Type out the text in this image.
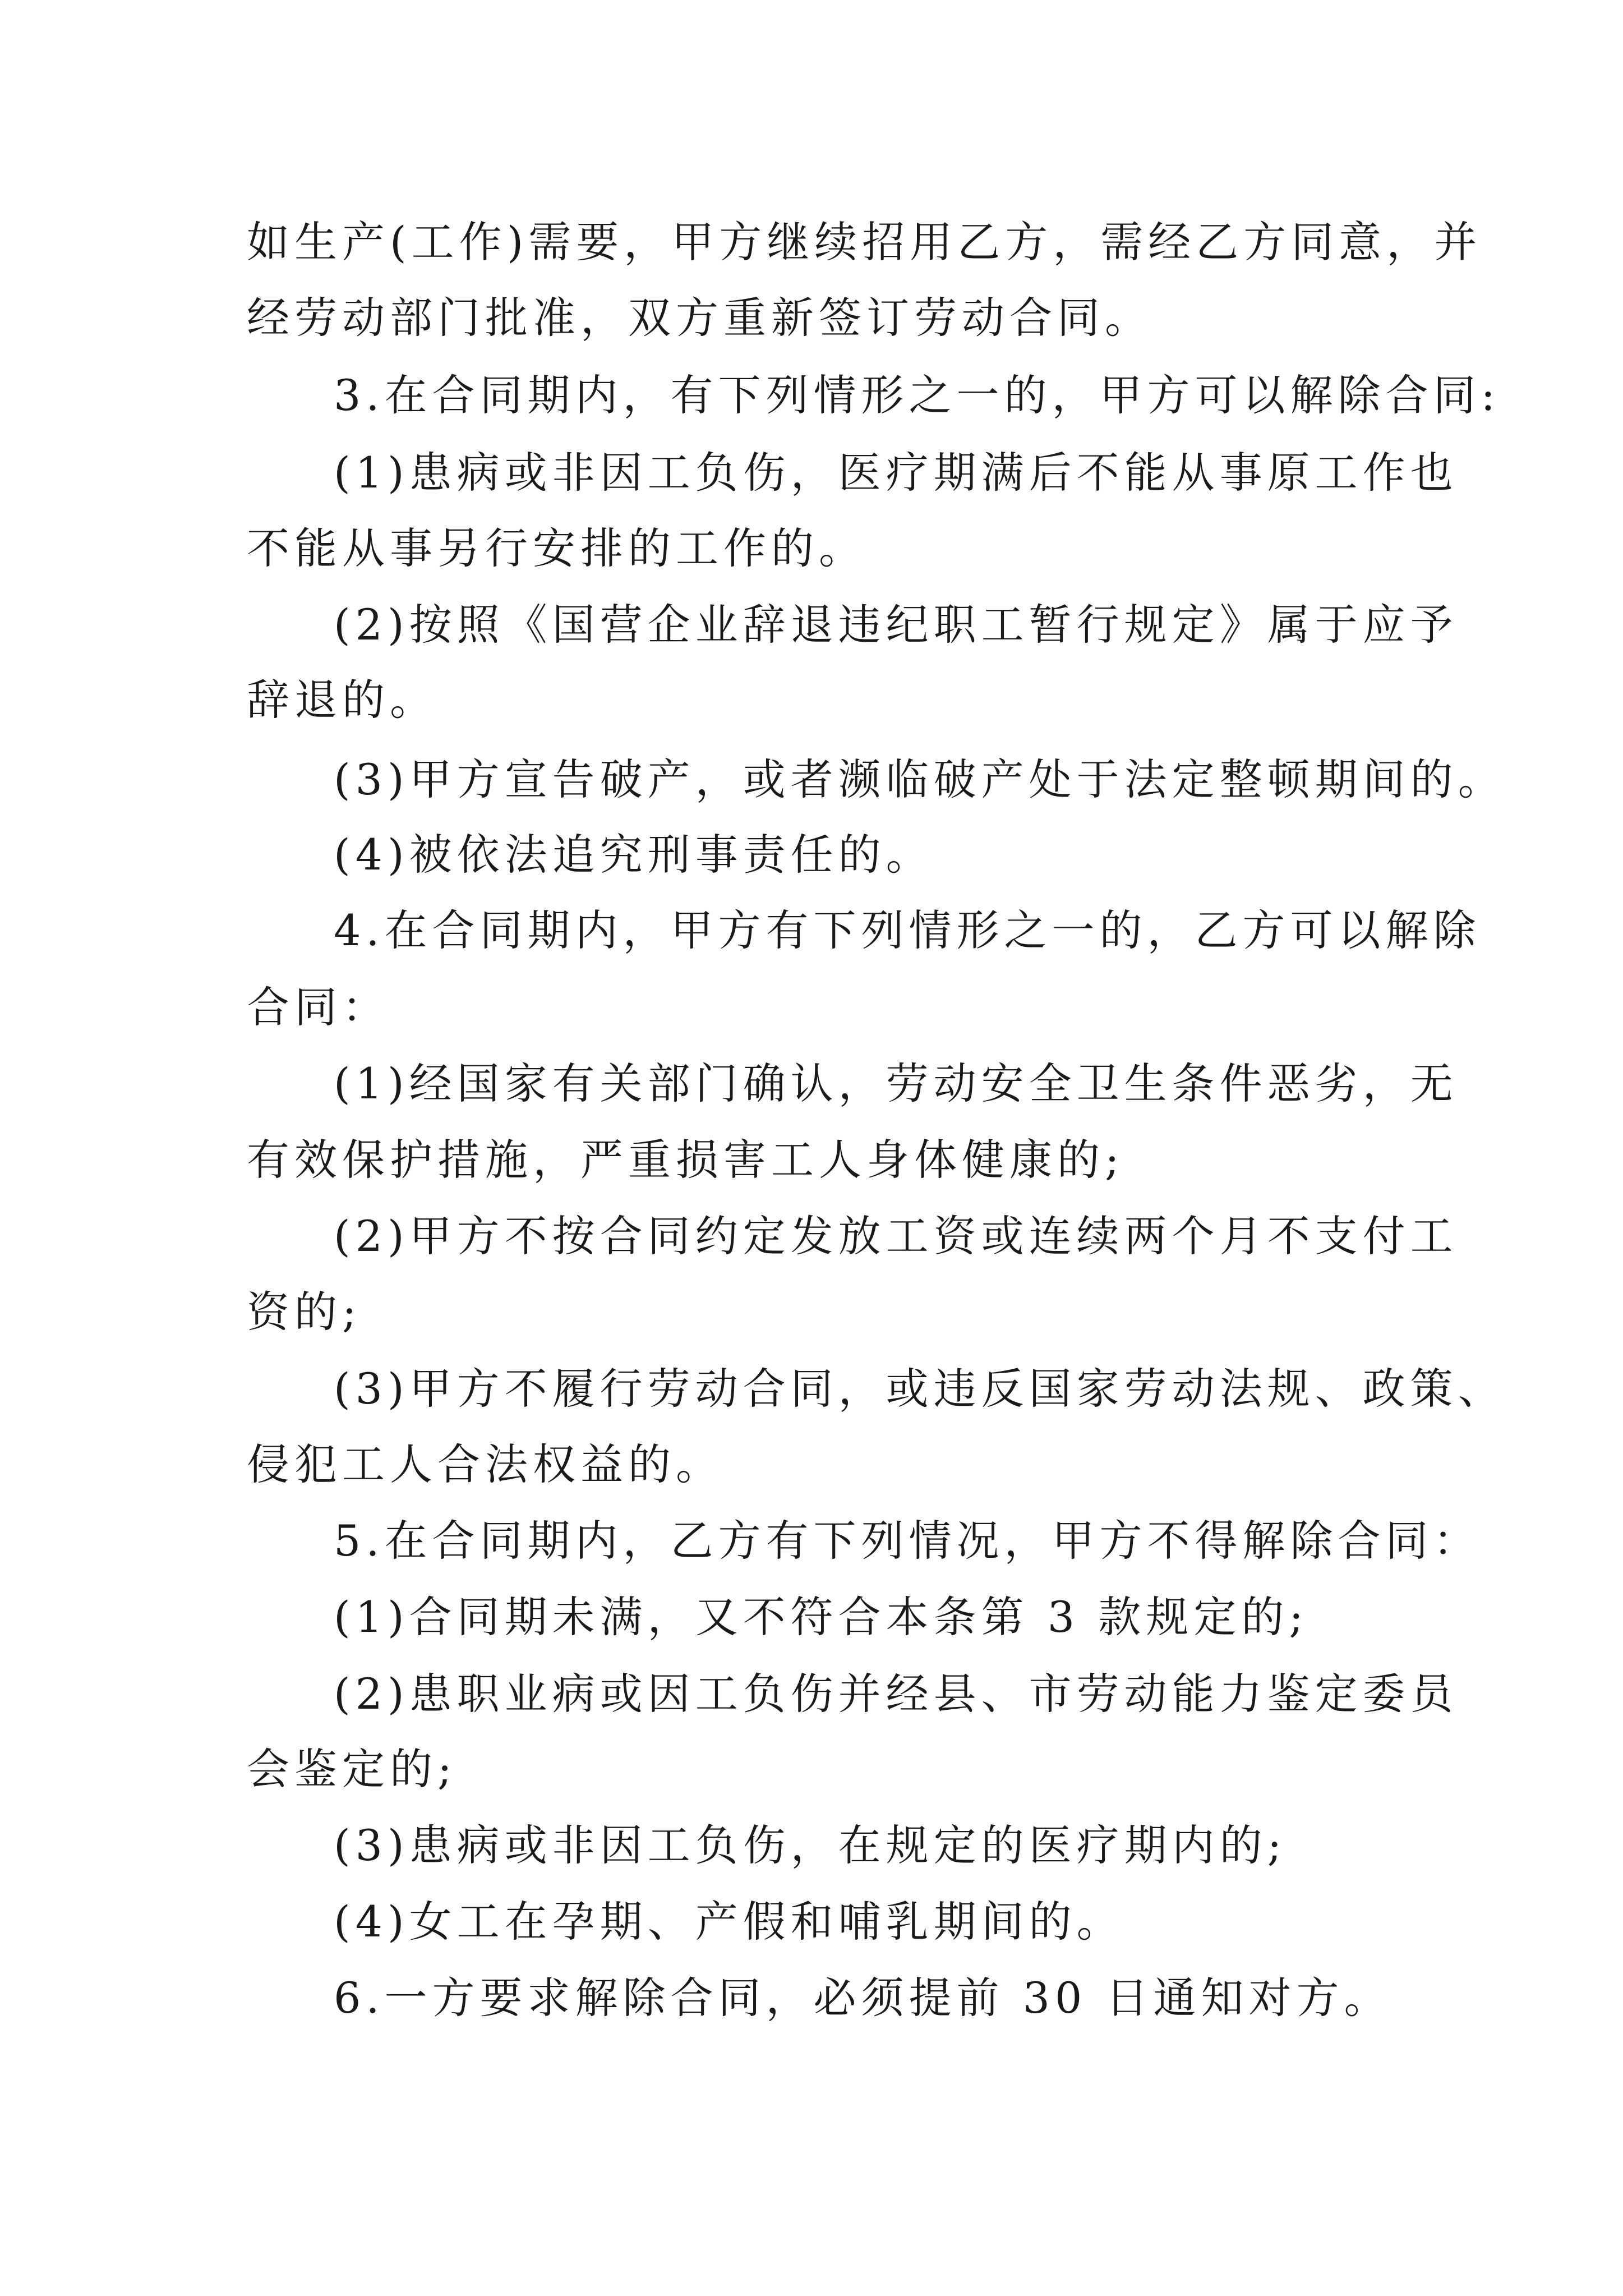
如生产(工作)需要，甲方继续招用乙方，需经乙方同意，并
经劳动部门批准，双方重新签订劳动合同。
3.在合同期内，有下列情形之一的，甲方可以解除合同:
(1)患病或非因工负伤，医疗期满后不能从事原工作也
不能从事另行安排的工作的。
(2)按照《国营企业辞退违纪职工暂行规定》属于应予
辞退的。
(3)甲方宣告破产，或者濒临破产处于法定整顿期间的。
(4)被依法追究刑事责任的。
4.在合同期内，甲方有下列情形之一的，乙方可以解除
合同：
(1)经国家有关部门确认，劳动安全卫生条件恶劣，无
有效保护措施，严重损害工人身体健康的;
(2)甲方不按合同约定发放工资或连续两个月不支付工
资的;
(3)甲方不履行劳动合同，或违反国家劳动法规、政策、
侵犯工人合法权益的。
5.在合同期内，乙方有下列情况，甲方不得解除合同：
(1)合同期未满，又不符合本条第 3 款规定的;
(2)患职业病或因工负伤并经县、市劳动能力鉴定委员
会鉴定的;
(3)患病或非因工负伤，在规定的医疗期内的;
(4)女工在孕期、产假和哺乳期间的。
6.一方要求解除合同，必须提前 30 日通知对方。
